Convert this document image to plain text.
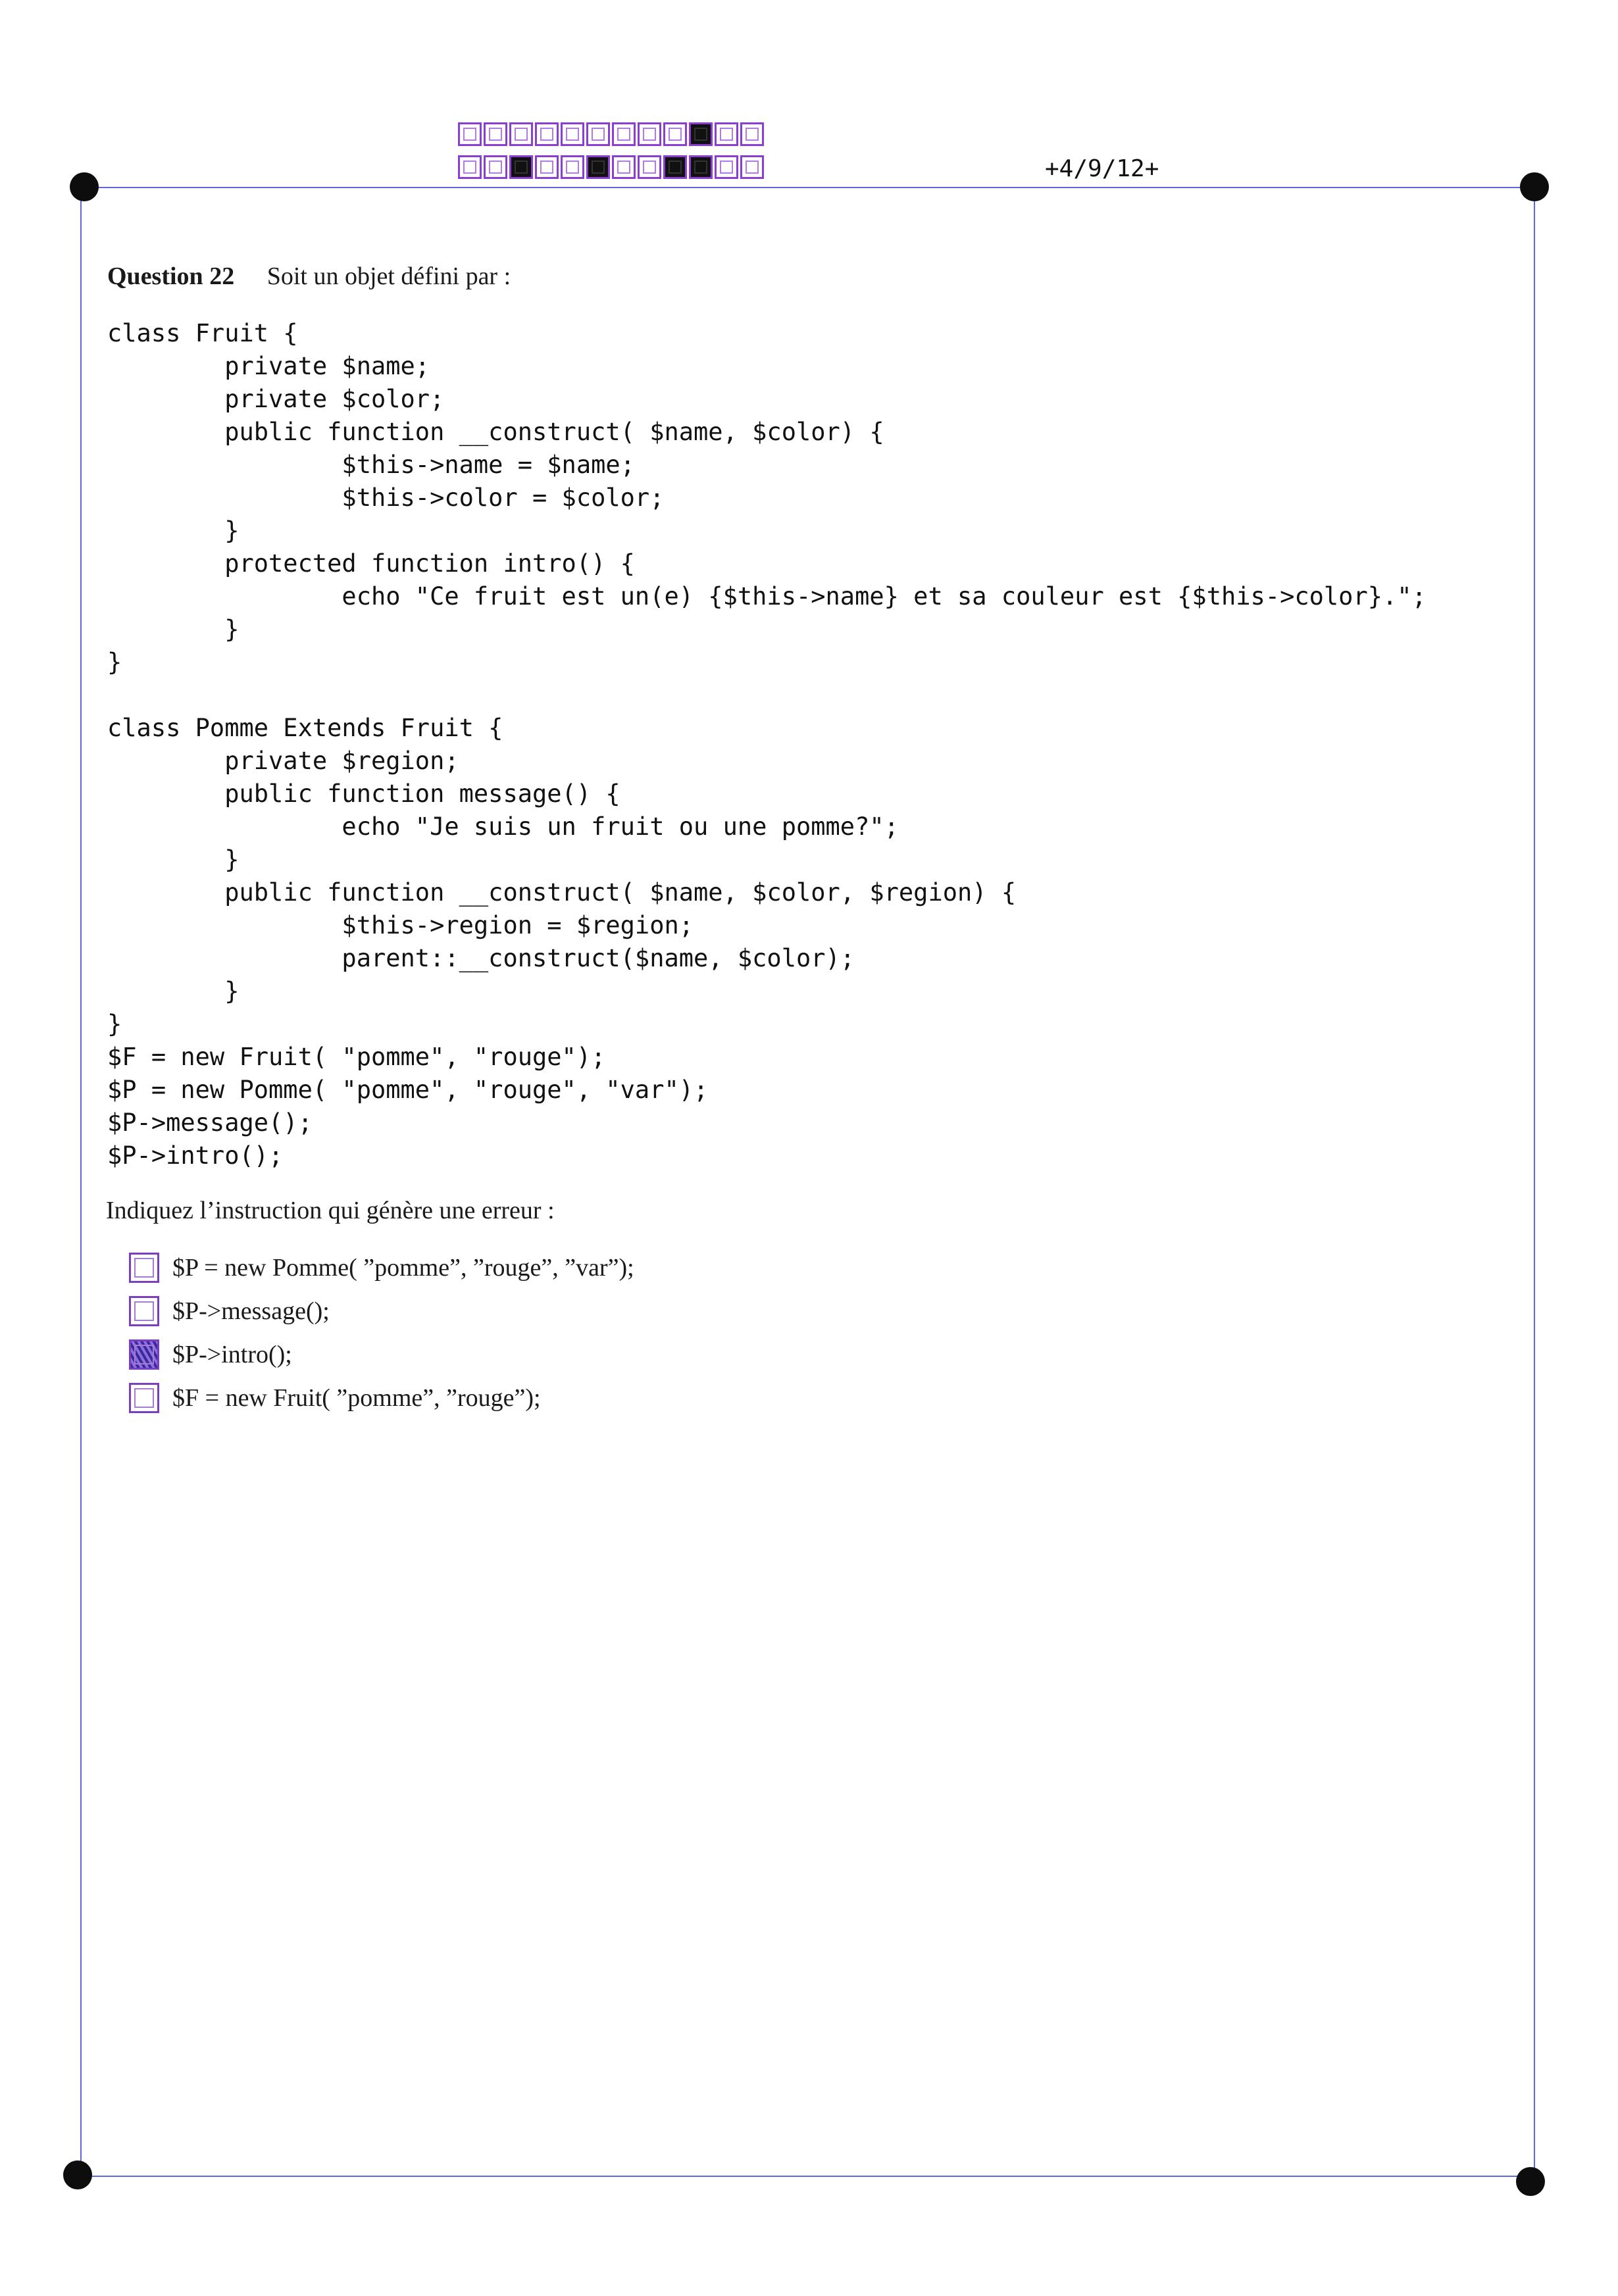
+4/9/12+
Question 22 Soit un objet défini par :
class Fruit {
private $name;
private $color;
public function __construct( $name, $color) {
$this->name = $name;
$this->color = $color;
}
protected function intro() {
echo "Ce fruit est un(e) {$this->name} et sa couleur est {$this->color}.";
}
}

class Pomme Extends Fruit {
private $region;
public function message() {
echo "Je suis un fruit ou une pomme?";
}
public function __construct( $name, $color, $region) {
$this->region = $region;
parent::__construct($name, $color);
}
}
$F = new Fruit( "pomme", "rouge");
$P = new Pomme( "pomme", "rouge", "var");
$P->message();
$P->intro();

Indiquez l’instruction qui génère une erreur :
$P = new Pomme( ”pomme”, ”rouge”, ”var”);
$P->message();
$P->intro();
$F = new Fruit( ”pomme”, ”rouge”);
